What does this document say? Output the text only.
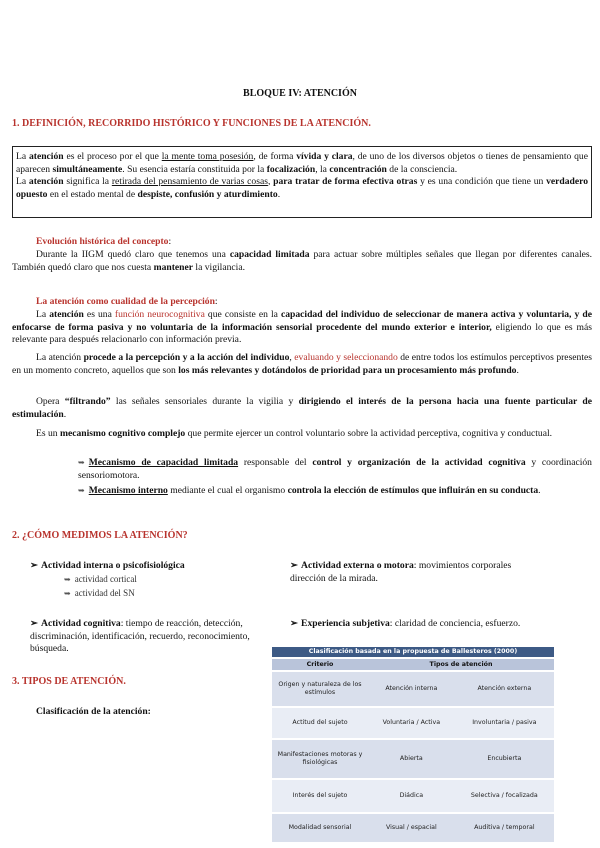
BLOQUE IV: ATENCIÓN
1. DEFINICIÓN, RECORRIDO HISTÓRICO Y FUNCIONES DE LA ATENCIÓN.

La atención es el proceso por el que la mente toma posesión, de forma vívida y clara, de uno de los diversos objetos o tienes de pensamiento que aparecen simultáneamente. Su esencia estaría constituida por la focalización, la concentración de la consciencia.

La atención significa la retirada del pensamiento de varias cosas, para tratar de forma efectiva otras y es una condición que tiene un verdadero opuesto en el estado mental de despiste, confusión y aturdimiento.

Evolución histórica del concepto:
Durante la IIGM quedó claro que tenemos una capacidad limitada para actuar sobre múltiples señales que llegan por diferentes canales. También quedó claro que nos cuesta mantener la vigilancia.
La atención como cualidad de la percepción:
La atención es una función neurocognitiva que consiste en la capacidad del individuo de seleccionar de manera activa y voluntaria, y de enfocarse de forma pasiva y no voluntaria de la información sensorial procedente del mundo exterior e interior, eligiendo lo que es más relevante para después relacionarlo con información previa.
La atención procede a la percepción y a la acción del individuo, evaluando y seleccionando de entre todos los estímulos perceptivos presentes en un momento concreto, aquellos que son los más relevantes y dotándolos de prioridad para un procesamiento más profundo.
Opera “filtrando” las señales sensoriales durante la vigilia y dirigiendo el interés de la persona hacia una fuente particular de estimulación.
Es un mecanismo cognitivo complejo que permite ejercer un control voluntario sobre la actividad perceptiva, cognitiva y conductual.
➥ Mecanismo de capacidad limitada responsable del control y organización de la actividad cognitiva y coordinación sensoriomotora.
➥ Mecanismo interno mediante el cual el organismo controla la elección de estímulos que influirán en su conducta.
2. ¿CÓMO MEDIMOS LA ATENCIÓN?
➢ Actividad interna o psicofisiológica
➥ actividad cortical
➥ actividad del SN
➢ Actividad externa o motora: movimientos corporales dirección de la mirada.
➢ Actividad cognitiva: tiempo de reacción, detección, discriminación, identificación, recuerdo, reconocimiento, búsqueda.
➢ Experiencia subjetiva: claridad de conciencia, esfuerzo.
3. TIPOS DE ATENCIÓN.
Clasificación de la atención:
Clasificación basada en la propuesta de Ballesteros (2000)		
Criterio	Tipos de atención	
Origen y naturaleza de los estímulos	Atención interna	Atención externa
Actitud del sujeto	Voluntaria / Activa	Involuntaria / pasiva
Manifestaciones motoras y fisiológicas	Abierta	Encubierta
Interés del sujeto	Diádica	Selectiva / focalizada
Modalidad sensorial	Visual / espacial	Auditiva / temporal
